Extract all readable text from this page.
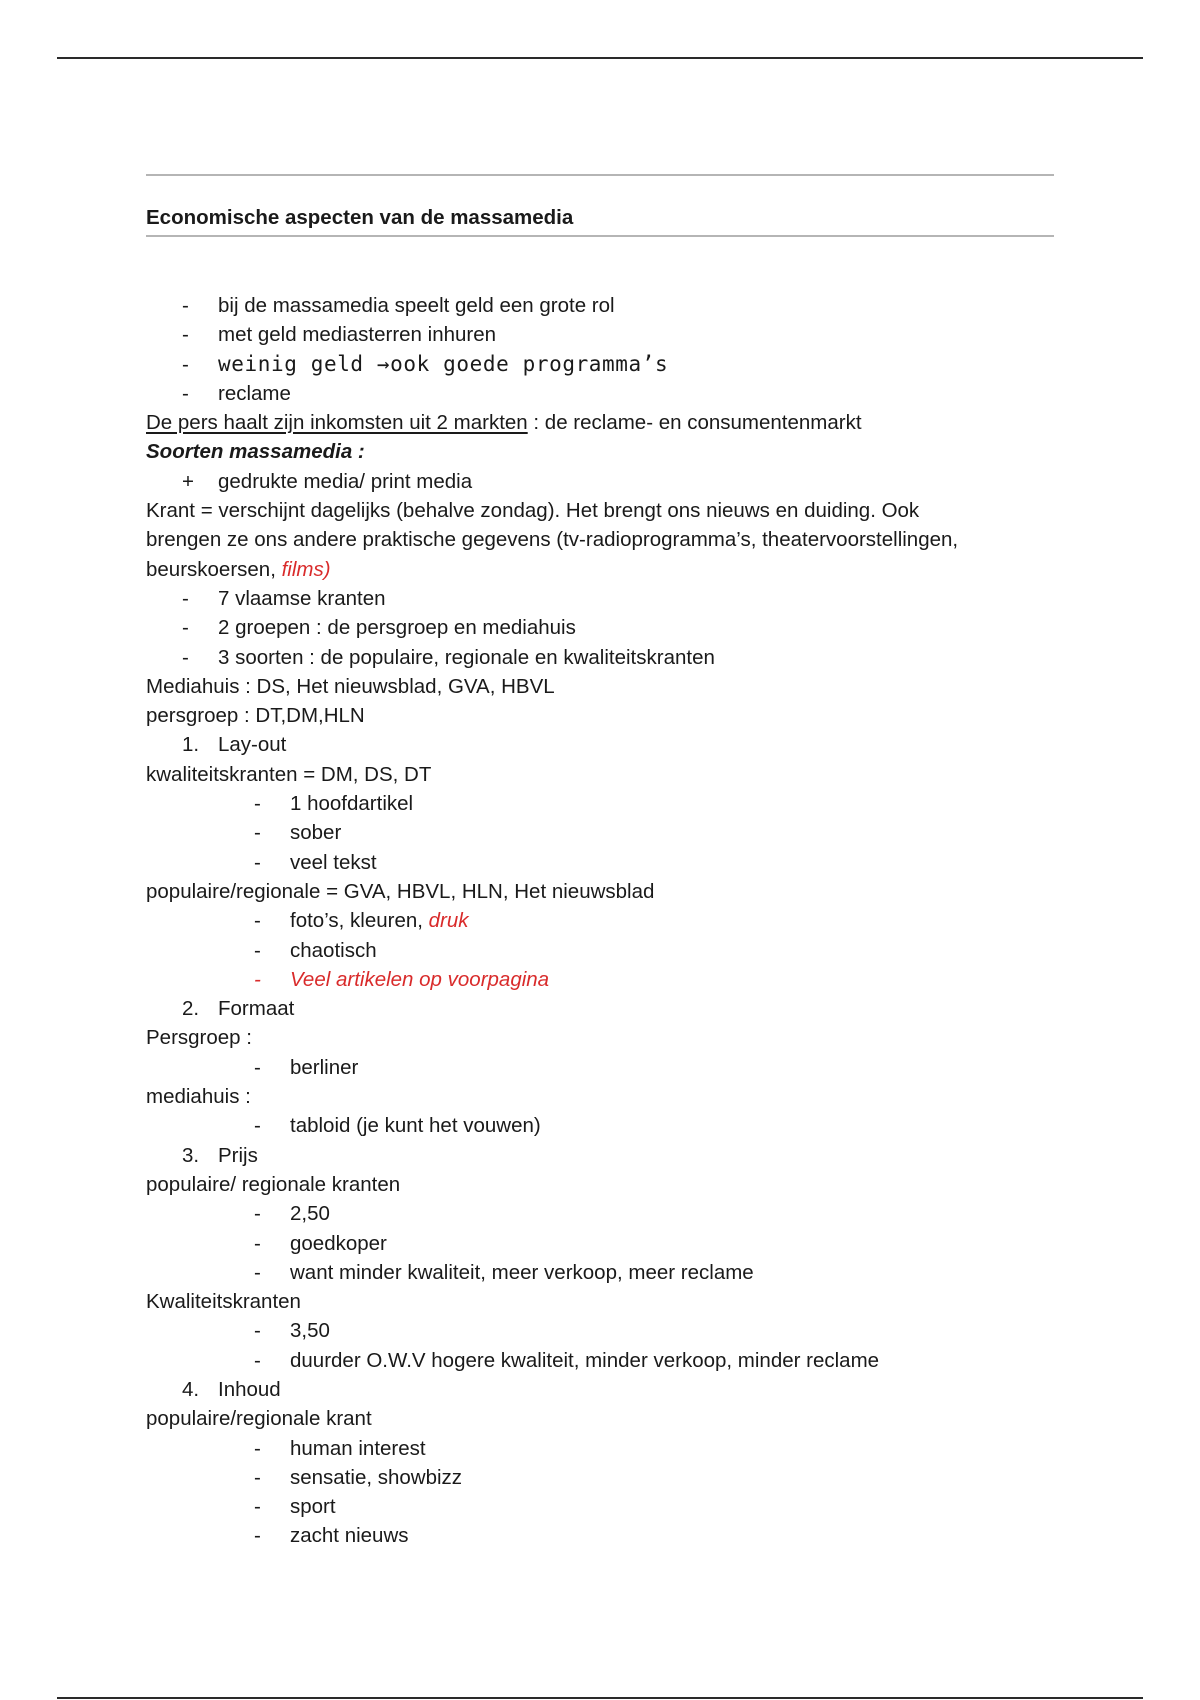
Economische aspecten van de massamedia
- bij de massamedia speelt geld een grote rol
- met geld mediasterren inhuren
- weinig geld →ook goede programma’s
- reclame
De pers haalt zijn inkomsten uit 2 markten : de reclame- en consumentenmarkt
Soorten massamedia :
+ gedrukte media/ print media
Krant = verschijnt dagelijks (behalve zondag). Het brengt ons nieuws en duiding. Ook
brengen ze ons andere praktische gegevens (tv-radioprogramma’s, theatervoorstellingen,
beurskoersen, films)
- 7 vlaamse kranten
- 2 groepen : de persgroep en mediahuis
- 3 soorten : de populaire, regionale en kwaliteitskranten
Mediahuis : DS, Het nieuwsblad, GVA, HBVL
persgroep : DT,DM,HLN
1. Lay-out
kwaliteitskranten = DM, DS, DT
- 1 hoofdartikel
- sober
- veel tekst
populaire/regionale = GVA, HBVL, HLN, Het nieuwsblad
- foto’s, kleuren, druk
- chaotisch
- Veel artikelen op voorpagina
2. Formaat
Persgroep :
- berliner
mediahuis :
- tabloid (je kunt het vouwen)
3. Prijs
populaire/ regionale kranten
- 2,50
- goedkoper
- want minder kwaliteit, meer verkoop, meer reclame
Kwaliteitskranten
- 3,50
- duurder O.W.V hogere kwaliteit, minder verkoop, minder reclame
4. Inhoud
populaire/regionale krant
- human interest
- sensatie, showbizz
- sport
- zacht nieuws
